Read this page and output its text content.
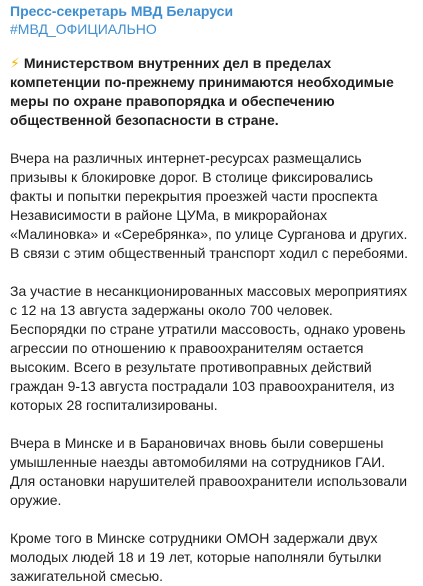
Пресс-секретарь МВД Беларуси
#МВД_ОФИЦИАЛЬНО
⚡ Министерством внутренних дел в пределах компетенции по-прежнему принимаются необходимые меры по охране правопорядка и обеспечению общественной безопасности в стране.
Вчера на различных интернет-ресурсах размещались призывы к блокировке дорог. В столице фиксировались факты и попытки перекрытия проезжей части проспекта Независимости в районе ЦУМа, в микрорайонах «Малиновка» и «Серебрянка», по улице Сурганова и других. В связи с этим общественный транспорт ходил с перебоями.
За участие в несанкционированных массовых мероприятиях с 12 на 13 августа задержаны около 700 человек. Беспорядки по стране утратили массовость, однако уровень агрессии по отношению к правоохранителям остается высоким. Всего в результате противоправных действий граждан 9-13 августа пострадали 103 правоохранителя, из которых 28 госпитализированы.
Вчера в Минске и в Барановичах вновь были совершены умышленные наезды автомобилями на сотрудников ГАИ. Для остановки нарушителей правоохранители использовали оружие.
Кроме того в Минске сотрудники ОМОН задержали двух молодых людей 18 и 19 лет, которые наполняли бутылки зажигательной смесью.
